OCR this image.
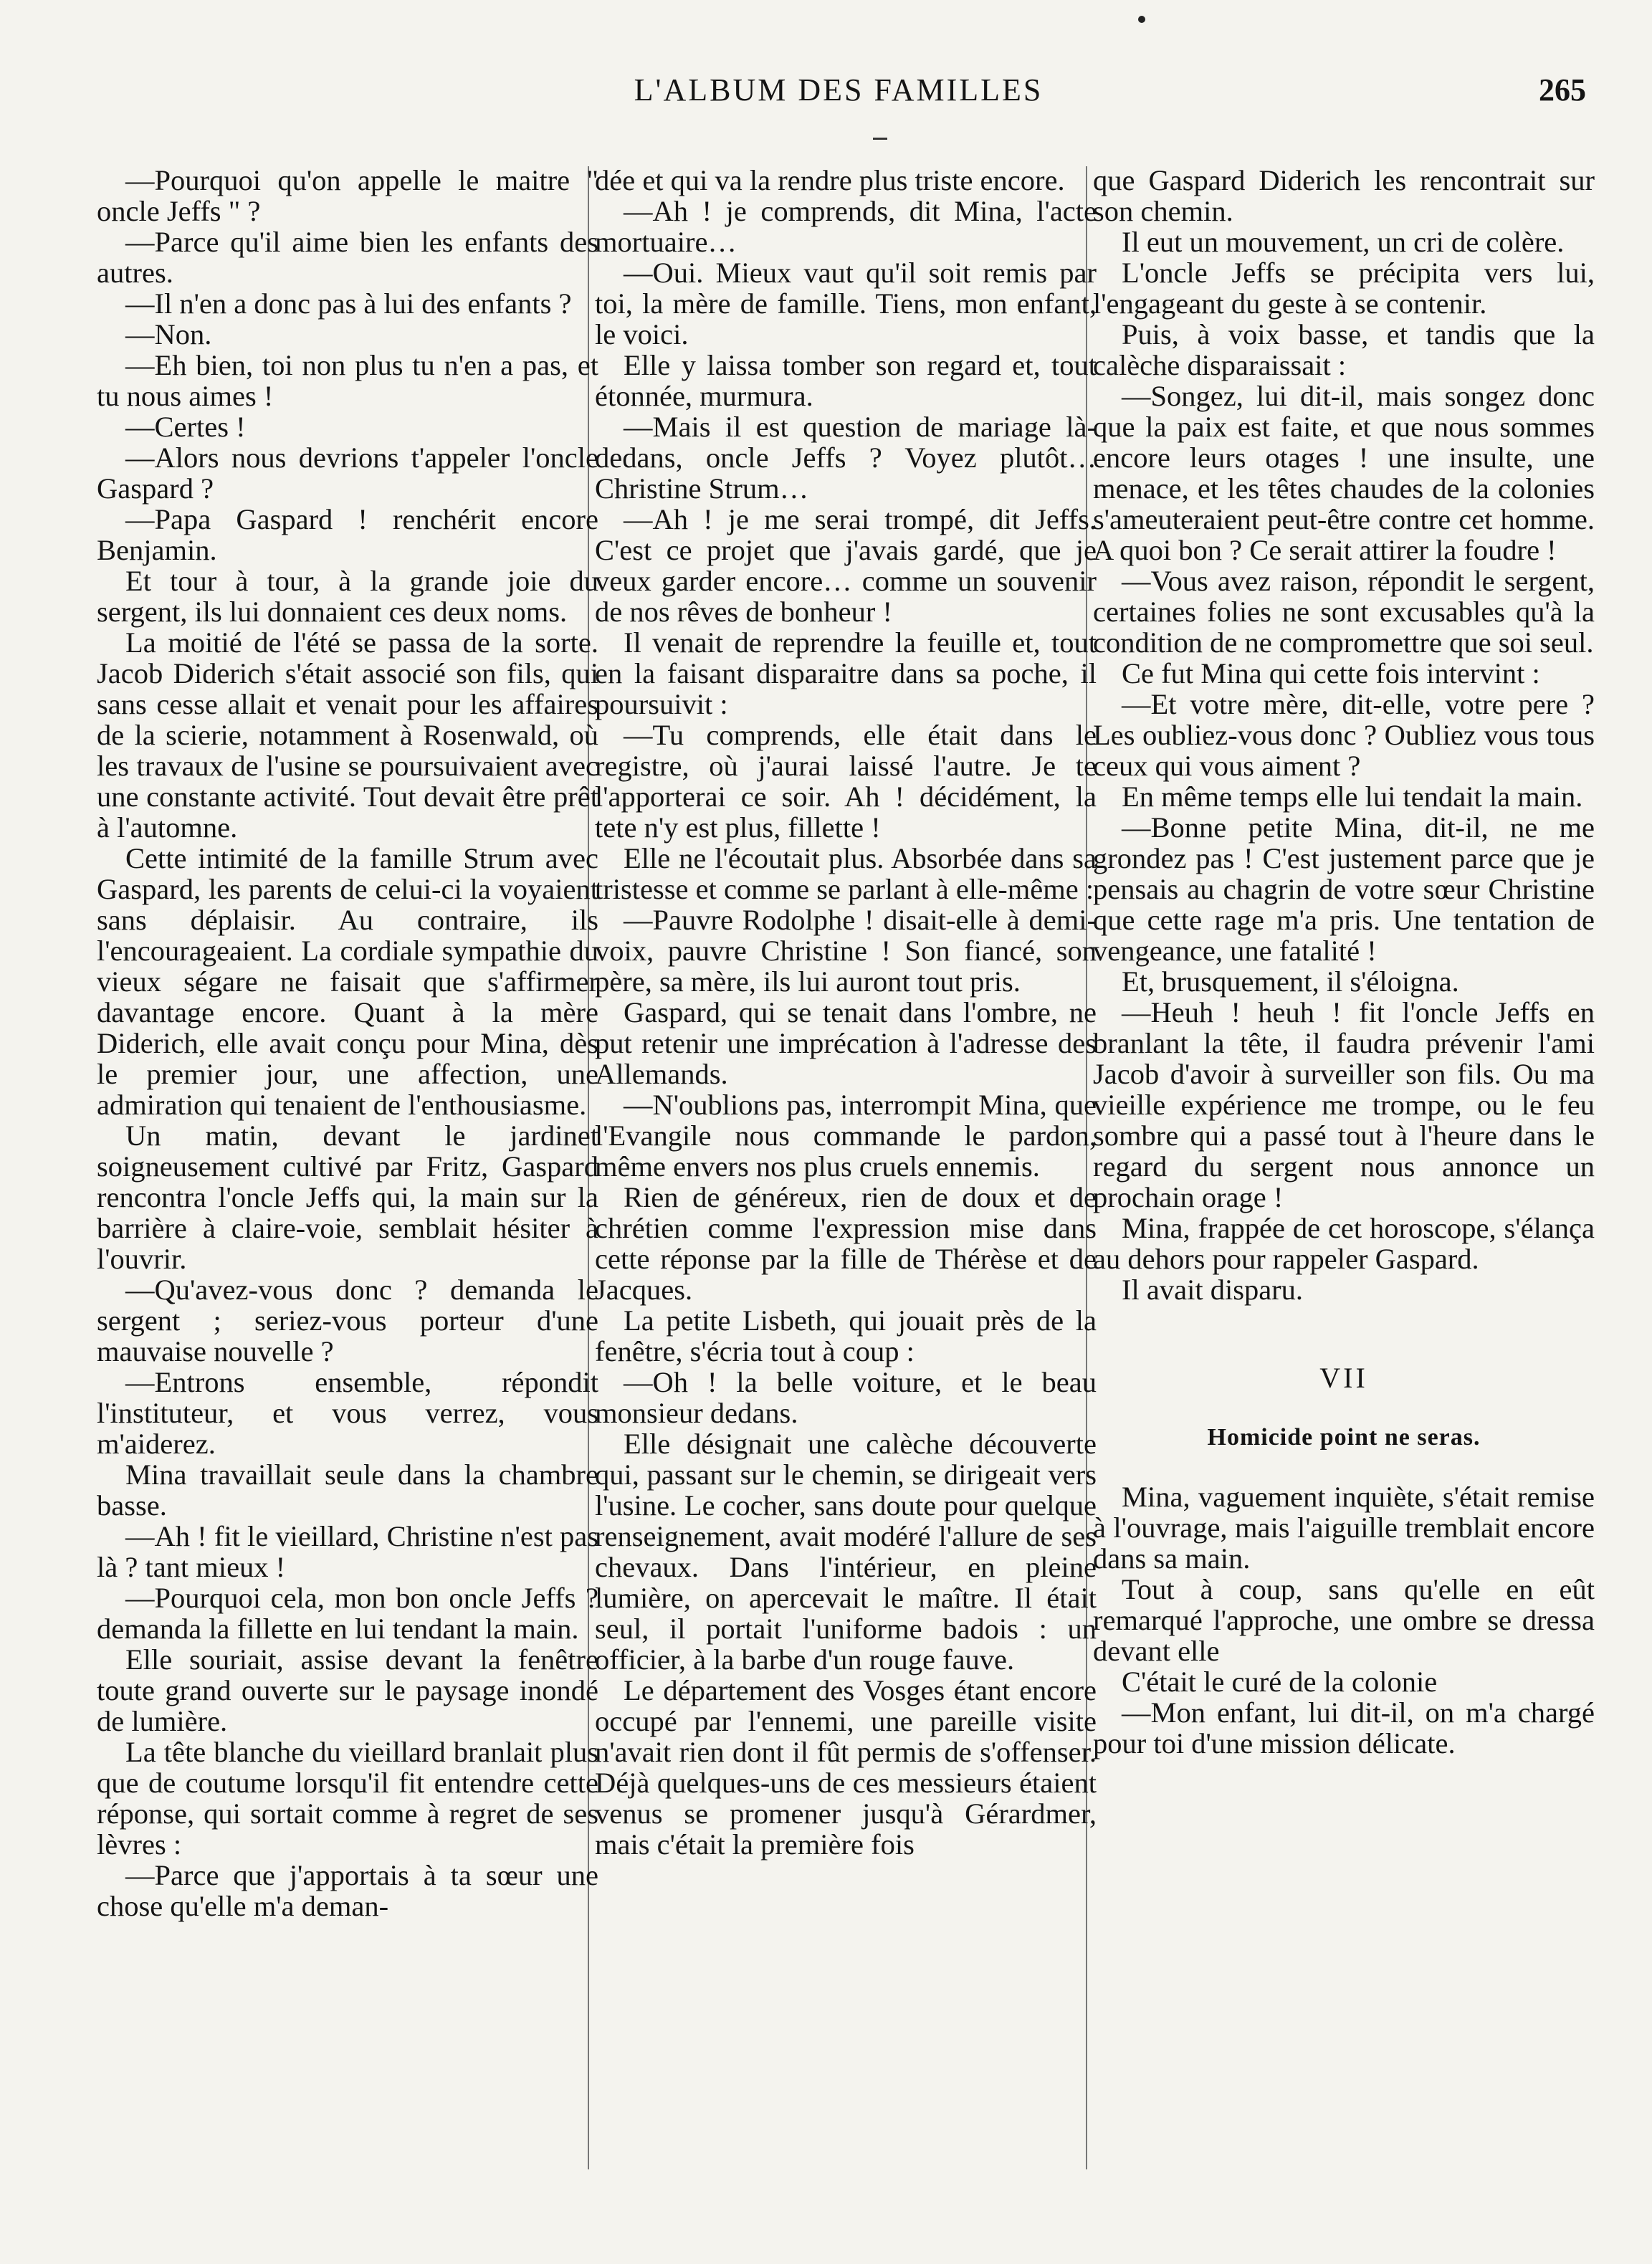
L'ALBUM DES FAMILLES	265

—Pourquoi qu'on appelle le maitre " oncle Jeffs " ?

—Parce qu'il aime bien les enfants des autres.

—Il n'en a donc pas à lui des enfants ?

—Non.

—Eh bien, toi non plus tu n'en a pas, et tu nous aimes !

—Certes !

—Alors nous devrions t'appeler l'oncle Gaspard ?

—Papa Gaspard ! renchérit encore Benjamin.

Et tour à tour, à la grande joie du sergent, ils lui donnaient ces deux noms.

La moitié de l'été se passa de la sorte. Jacob Diderich s'était associé son fils, qui sans cesse allait et venait pour les affaires de la scierie, notamment à Rosenwald, où les travaux de l'usine se poursuivaient avec une constante activité. Tout devait être prêt à l'automne.

Cette intimité de la famille Strum avec Gaspard, les parents de celui-ci la voyaient sans déplaisir. Au contraire, ils l'encourageaient. La cordiale sympathie du vieux ségare ne faisait que s'affirmer davantage encore. Quant à la mère Diderich, elle avait conçu pour Mina, dès le premier jour, une affection, une admiration qui tenaient de l'enthousiasme.

Un matin, devant le jardinet soigneusement cultivé par Fritz, Gaspard rencontra l'oncle Jeffs qui, la main sur la barrière à claire-voie, semblait hésiter à l'ouvrir.

—Qu'avez-vous donc ? demanda le sergent ; seriez-vous porteur d'une mauvaise nouvelle ?

—Entrons ensemble, répondit l'instituteur, et vous verrez, vous m'aiderez.

Mina travaillait seule dans la chambre basse.

—Ah ! fit le vieillard, Christine n'est pas là ? tant mieux !

—Pourquoi cela, mon bon oncle Jeffs ? demanda la fillette en lui tendant la main.

Elle souriait, assise devant la fenêtre toute grand ouverte sur le paysage inondé de lumière.

La tête blanche du vieillard branlait plus que de coutume lorsqu'il fit entendre cette réponse, qui sortait comme à regret de ses lèvres :

—Parce que j'apportais à ta sœur une chose qu'elle m'a deman-

dée et qui va la rendre plus triste encore.

—Ah ! je comprends, dit Mina, l'acte mortuaire…

—Oui. Mieux vaut qu'il soit remis par toi, la mère de famille. Tiens, mon enfant, le voici.

Elle y laissa tomber son regard et, tout étonnée, murmura.

—Mais il est question de mariage là-dedans, oncle Jeffs ? Voyez plutôt…Christine Strum…

—Ah ! je me serai trompé, dit Jeffs. C'est ce projet que j'avais gardé, que je veux garder encore… comme un souvenir de nos rêves de bonheur !

Il venait de reprendre la feuille et, tout en la faisant disparaitre dans sa poche, il poursuivit :

—Tu comprends, elle était dans le registre, où j'aurai laissé l'autre. Je te l'apporterai ce soir. Ah ! décidément, la tete n'y est plus, fillette !

Elle ne l'écoutait plus. Absorbée dans sa tristesse et comme se parlant à elle-même :

—Pauvre Rodolphe ! disait-elle à demi-voix, pauvre Christine ! Son fiancé, son père, sa mère, ils lui auront tout pris.

Gaspard, qui se tenait dans l'ombre, ne put retenir une imprécation à l'adresse des Allemands.

—N'oublions pas, interrompit Mina, que l'Evangile nous commande le pardon, même envers nos plus cruels ennemis.

Rien de généreux, rien de doux et de chrétien comme l'expression mise dans cette réponse par la fille de Thérèse et de Jacques.

La petite Lisbeth, qui jouait près de la fenêtre, s'écria tout à coup :

—Oh ! la belle voiture, et le beau monsieur dedans.

Elle désignait une calèche découverte qui, passant sur le chemin, se dirigeait vers l'usine. Le cocher, sans doute pour quelque renseignement, avait modéré l'allure de ses chevaux. Dans l'intérieur, en pleine lumière, on apercevait le maître. Il était seul, il portait l'uniforme badois : un officier, à la barbe d'un rouge fauve.

Le département des Vosges étant encore occupé par l'ennemi, une pareille visite n'avait rien dont il fût permis de s'offenser. Déjà quelques-uns de ces messieurs étaient venus se promener jusqu'à Gérardmer, mais c'était la première fois

que Gaspard Diderich les rencontrait sur son chemin.

Il eut un mouvement, un cri de colère.

L'oncle Jeffs se précipita vers lui, l'engageant du geste à se contenir.

Puis, à voix basse, et tandis que la calèche disparaissait :

—Songez, lui dit-il, mais songez donc que la paix est faite, et que nous sommes encore leurs otages ! une insulte, une menace, et les têtes chaudes de la colonies s'ameuteraient peut-être contre cet homme. A quoi bon ? Ce serait attirer la foudre !

—Vous avez raison, répondit le sergent, certaines folies ne sont excusables qu'à la condition de ne compromettre que soi seul.

Ce fut Mina qui cette fois intervint :

—Et votre mère, dit-elle, votre pere ? Les oubliez-vous donc ? Oubliez vous tous ceux qui vous aiment ?

En même temps elle lui tendait la main.

—Bonne petite Mina, dit-il, ne me grondez pas ! C'est justement parce que je pensais au chagrin de votre sœur Christine que cette rage m'a pris. Une tentation de vengeance, une fatalité !

Et, brusquement, il s'éloigna.

—Heuh ! heuh ! fit l'oncle Jeffs en branlant la tête, il faudra prévenir l'ami Jacob d'avoir à surveiller son fils. Ou ma vieille expérience me trompe, ou le feu sombre qui a passé tout à l'heure dans le regard du sergent nous annonce un prochain orage !

Mina, frappée de cet horoscope, s'élança au dehors pour rappeler Gaspard.

Il avait disparu.

VII
Homicide point ne seras.

Mina, vaguement inquiète, s'était remise à l'ouvrage, mais l'aiguille tremblait encore dans sa main.

Tout à coup, sans qu'elle en eût remarqué l'approche, une ombre se dressa devant elle

C'était le curé de la colonie

—Mon enfant, lui dit-il, on m'a chargé pour toi d'une mission délicate.
